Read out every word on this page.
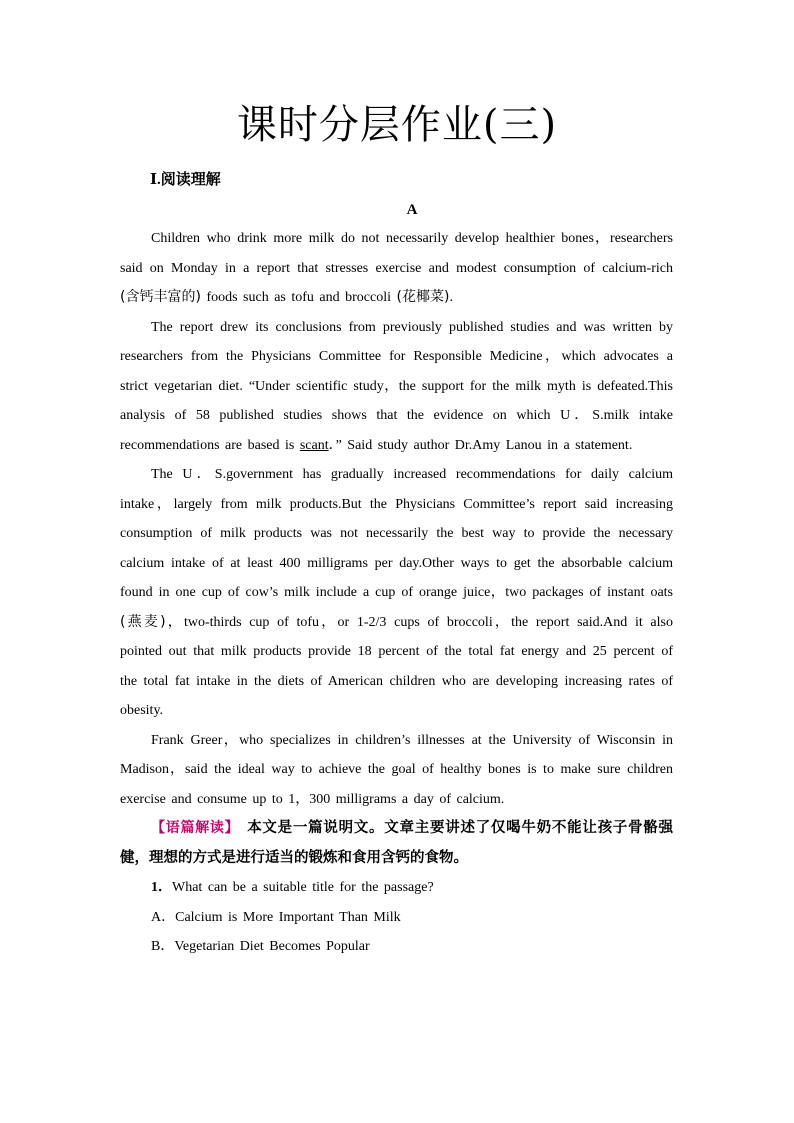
课时分层作业(三)
Ⅰ.阅读理解
A

Children who drink more milk do not necessarily develop healthier bones，researchers said on Monday in a report that stresses exercise and modest consumption of calcium-rich (含钙丰富的) foods such as tofu and broccoli (花椰菜).

The report drew its conclusions from previously published studies and was written by researchers from the Physicians Committee for Responsible Medicine，which advocates a strict vegetarian diet. “Under scientific study，the support for the milk myth is defeated.This analysis of 58 published studies shows that the evidence on which U．S.milk intake recommendations are based is scant．” Said study author Dr.Amy Lanou in a statement.

The U．S.government has gradually increased recommendations for daily calcium intake，largely from milk products.But the Physicians Committee’s report said increasing consumption of milk products was not necessarily the best way to provide the necessary calcium intake of at least 400 milligrams per day.Other ways to get the absorbable calcium found in one cup of cow’s milk include a cup of orange juice，two packages of instant oats (燕麦)，two-thirds cup of tofu，or 1-2/3 cups of broccoli，the report said.And it also pointed out that milk products provide 18 percent of the total fat energy and 25 percent of the total fat intake in the diets of American children who are developing increasing rates of obesity.

Frank Greer，who specializes in children’s illnesses at the University of Wisconsin in Madison，said the ideal way to achieve the goal of healthy bones is to make sure children exercise and consume up to 1，300 milligrams a day of calcium.

【语篇解读】 本文是一篇说明文。文章主要讲述了仅喝牛奶不能让孩子骨骼强健，理想的方式是进行适当的锻炼和食用含钙的食物。

1．What can be a suitable title for the passage?

A．Calcium is More Important Than Milk

B．Vegetarian Diet Becomes Popular
